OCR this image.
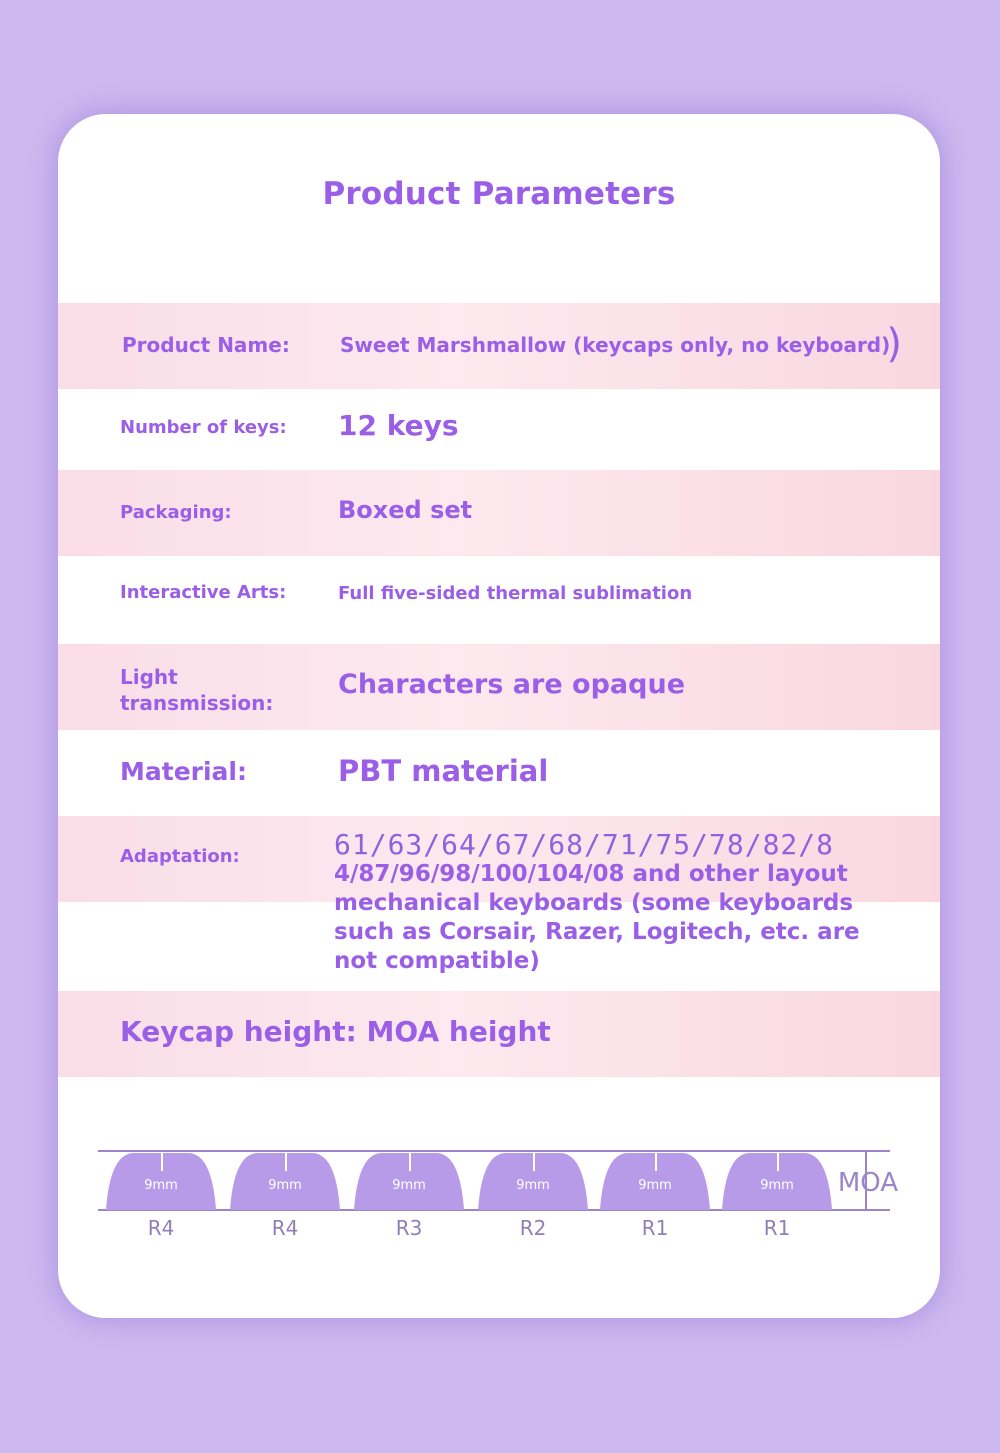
Product Parameters
Product Name:	Sweet Marshmallow (keycaps only, no keyboard)
)
Number of keys: 12 keys
Packaging:	Boxed set
Interactive Arts:	Full five-sided thermal sublimation
Light
transmission:
Characters are opaque
Material:	PBT material
Adaptation:	61/63/64/67/68/71/75/78/82/8
4/87/96/98/100/104/08 and other layout mechanical keyboards (some keyboards such as Corsair, Razer, Logitech, etc. are not compatible)
Keycap height: MOA height
MOA
9mm
R4
9mm
R4
9mm
R3
9mm
R2
9mm
R1
9mm
R1
